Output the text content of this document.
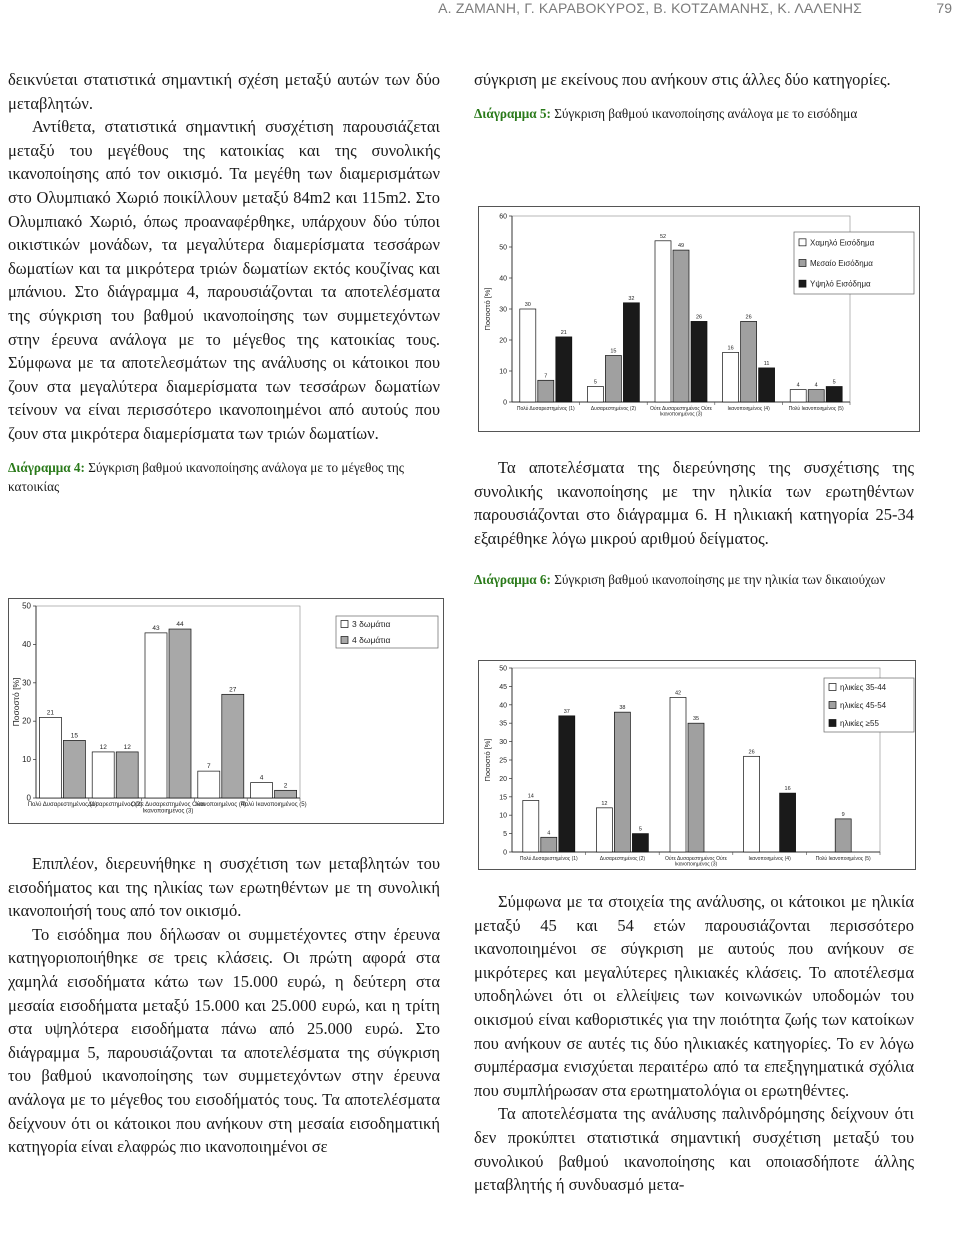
Α. ΖΑΜΑΝΗ, Γ. ΚΑΡΑΒΟΚΥΡΟΣ, Β. ΚΟΤΖΑΜΑΝΗΣ, Κ. ΛΑΛΕΝΗΣ	79

δεικνύεται στατιστικά σημαντική σχέση μεταξύ αυτών των δύο μεταβλητών.

Αντίθετα, στατιστικά σημαντική συσχέτιση παρουσιάζεται μεταξύ του μεγέθους της κατοικίας και της συνολικής ικανοποίησης από τον οικισμό. Τα μεγέθη των διαμερισμάτων στο Ολυμπιακό Χωριό ποικίλλουν μεταξύ 84m2 και 115m2. Στο Ολυμπιακό Χωριό, όπως προαναφέρθηκε, υπάρχουν δύο τύποι οικιστικών μονάδων, τα μεγαλύτερα διαμερίσματα τεσσάρων δωματίων και τα μικρότερα τριών δωματίων εκτός κουζίνας και μπάνιου. Στο διάγραμμα 4, παρουσιάζονται τα αποτελέσματα της σύγκριση του βαθμού ικανοποίησης των συμμετεχόντων στην έρευνα ανάλογα με το μέγεθος της κατοικίας τους. Σύμφωνα με τα αποτελεσμάτων της ανάλυσης οι κάτοικοι που ζουν στα μεγαλύτερα διαμερίσματα των τεσσάρων δωματίων τείνουν να είναι περισσότερο ικανοποιημένοι από αυτούς που ζουν στα μικρότερα διαμερίσματα των τριών δωματίων.

Διάγραμμα 4: Σύγκριση βαθμού ικανοποίησης ανάλογα με το μέγεθος της κατοικίας

σύγκριση με εκείνους που ανήκουν στις άλλες δύο κατηγορίες.

Διάγραμμα 5: Σύγκριση βαθμού ικανοποίησης ανάλογα με το εισόδημα

0
10
20
30
40
50
60
Ποσοστό [%]	30
7
21
Πολύ Δυσαρεστημένος (1)
5
15
32
Δυσαρεστημένος (2)
52
49
26
Ούτε Δυσαρεστημένος Ούτε Ικανοποιημένος (3)
16
26
11
Ικανοποιημένος (4)
4	4
5
Πολύ Ικανοποιημένος (5)
Χαμηλό Εισόδημα
Μεσαίο Εισόδημα
Υψηλό Εισόδημα

Τα αποτελέσματα της διερεύνησης της συσχέτισης της συνολικής ικανοποίησης με την ηλικία των ερωτηθέντων παρουσιάζονται στο διάγραμμα 6. Η ηλικιακή κατηγορία 25-34 εξαιρέθηκε λόγω μικρού αριθμού δείγματος.

Διάγραμμα 6: Σύγκριση βαθμού ικανοποίησης με την ηλικία των δικαιούχων

0
10
20
30
40
50
Ποσοστό [%]	21
15
Πολύ Δυσαρεστημένος (1)
12	12
Δυσαρεστημένος (2)
43
44
Ούτε Δυσαρεστημένος Ούτε Ικανοποιημένος (3)
7
27
Ικανοποιημένος (4)
4
2
Πολύ Ικανοποιημένος (5)
3 δωμάτια
4 δωμάτια
0
5
10
15
20
25
30
35
40
45
50
Ποσοστό [%]
14
4
37
Πολύ Δυσαρεστημένος (1)
12
38
5
Δυσαρεστημένος (2)
42
35
Ούτε Δυσαρεστημένος Ούτε Ικανοποιημένος (3)
26
16
Ικανοποιημένος (4)
9
Πολύ Ικανοποιημένος (5)
ηλικίες 35-44
ηλικίες 45-54
ηλικίες ≥55

Επιπλέον, διερευνήθηκε η συσχέτιση των μεταβλητών του εισοδήματος και της ηλικίας των ερωτηθέντων με τη συνολική ικανοποιήσή τους από τον οικισμό.

Το εισόδημα που δήλωσαν οι συμμετέχοντες στην έρευνα κατηγοριοποιήθηκε σε τρεις κλάσεις. Οι πρώτη αφορά στα χαμηλά εισοδήματα κάτω των 15.000 ευρώ, η δεύτερη στα μεσαία εισοδήματα μεταξύ 15.000 και 25.000 ευρώ, και η τρίτη στα υψηλότερα εισοδήματα πάνω από 25.000 ευρώ. Στο διάγραμμα 5, παρουσιάζονται τα αποτελέσματα της σύγκριση του βαθμού ικανοποίησης των συμμετεχόντων στην έρευνα ανάλογα με το μέγεθος του εισοδήματός τους. Τα αποτελέσματα δείχνουν ότι οι κάτοικοι που ανήκουν στη μεσαία εισοδηματική κατηγορία είναι ελαφρώς πιο ικανοποιημένοι σε

Σύμφωνα με τα στοιχεία της ανάλυσης, οι κάτοικοι με ηλικία μεταξύ 45 και 54 ετών παρουσιάζονται περισσότερο ικανοποιημένοι σε σύγκριση με αυτούς που ανήκουν σε μικρότερες και μεγαλύτερες ηλικιακές κλάσεις. Το αποτέλεσμα υποδηλώνει ότι οι ελλείψεις των κοινωνικών υποδομών του οικισμού είναι καθοριστικές για την ποιότητα ζωής των κατοίκων που ανήκουν σε αυτές τις δύο ηλικιακές κατηγορίες. Το εν λόγω συμπέρασμα ενισχύεται περαιτέρω από τα επεξηγηματικά σχόλια που συμπλήρωσαν στα ερωτηματολόγια οι ερωτηθέντες.

Τα αποτελέσματα της ανάλυσης παλινδρόμησης δείχνουν ότι δεν προκύπτει στατιστικά σημαντική συσχέτιση μεταξύ του συνολικού βαθμού ικανοποίησης και οποιασδήποτε άλλης μεταβλητής ή συνδυασμό μετα-
